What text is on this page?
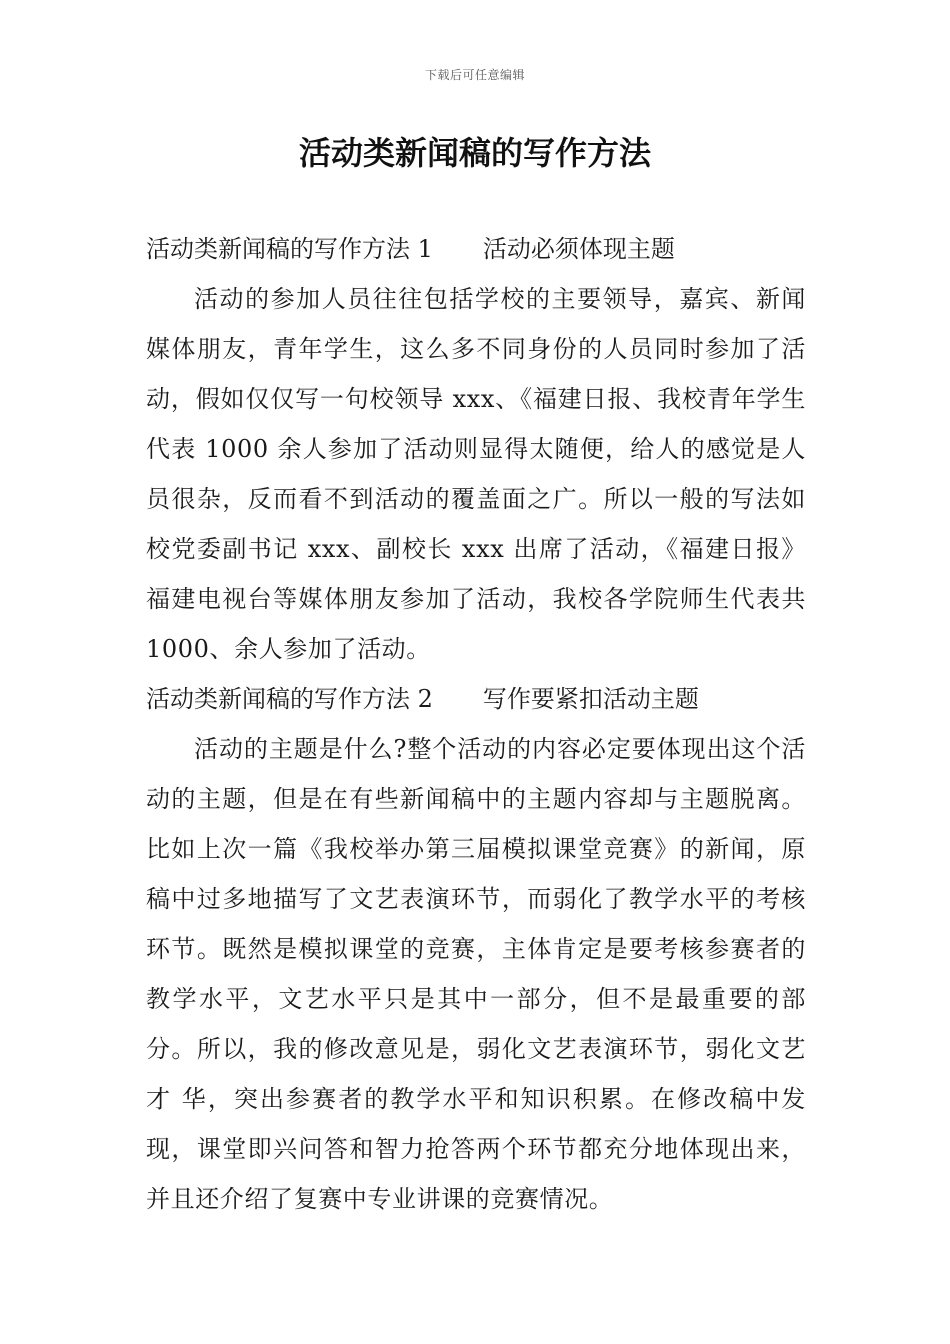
下载后可任意编辑
活动类新闻稿的写作方法
活动类新闻稿的写作方法 1 活动必须体现主题

活动的参加人员往往包括学校的主要领导，嘉宾、新闻媒体朋友，青年学生，这么多不同身份的人员同时参加了活动，假如仅仅写一句校领导 xxx、《福建日报、我校青年学生代表 1000 余人参加了活动则显得太随便，给人的感觉是人员很杂，反而看不到活动的覆盖面之广。所以一般的写法如校党委副书记 xxx、副校长 xxx 出席了活动，《福建日报》福建电视台等媒体朋友参加了活动，我校各学院师生代表共 1000、余人参加了活动。

活动类新闻稿的写作方法 2 写作要紧扣活动主题

活动的主题是什么?整个活动的内容必定要体现出这个活动的主题，但是在有些新闻稿中的主题内容却与主题脱离。比如上次一篇《我校举办第三届模拟课堂竞赛》的新闻，原稿中过多地描写了文艺表演环节，而弱化了教学水平的考核环节。既然是模拟课堂的竞赛，主体肯定是要考核参赛者的教学水平，文艺水平只是其中一部分，但不是最重要的部分。所以，我的修改意见是，弱化文艺表演环节，弱化文艺才 华，突出参赛者的教学水平和知识积累。在修改稿中发现，课堂即兴问答和智力抢答两个环节都充分地体现出来，并且还介绍了复赛中专业讲课的竞赛情况。
